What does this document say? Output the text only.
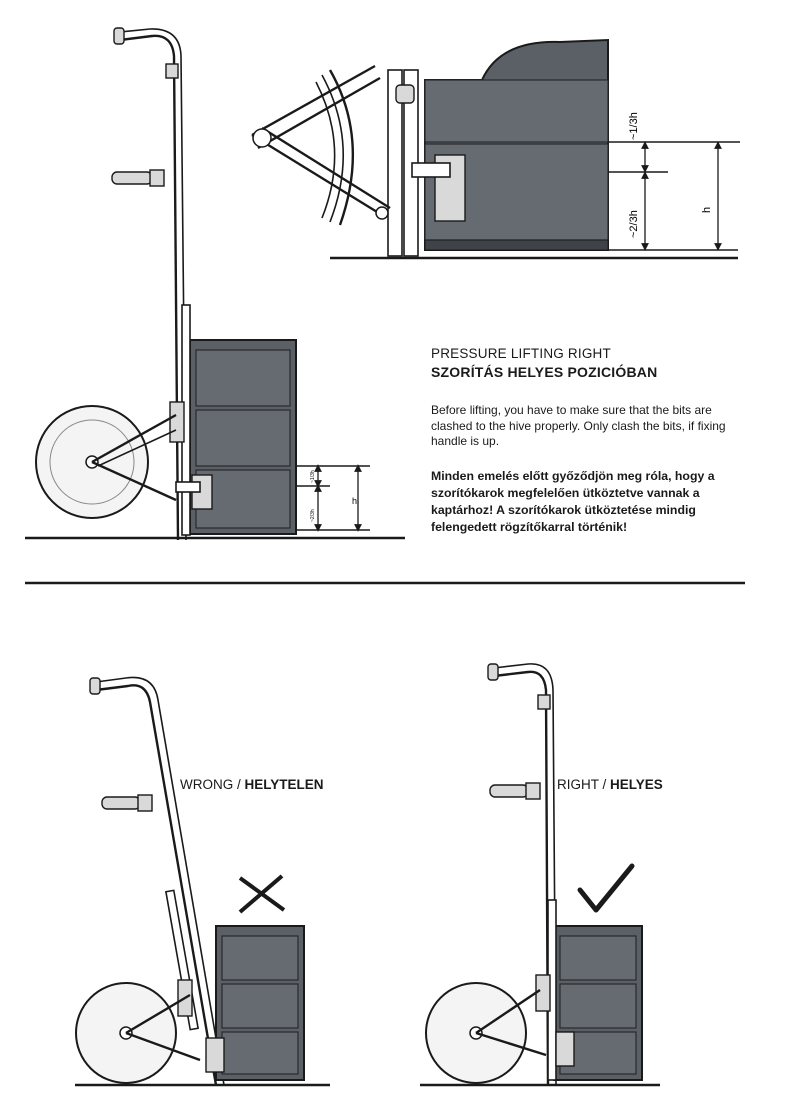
~1/3h
~2/3h
h
~1/3h
~2/3h
h
PRESSURE LIFTING RIGHT
SZORÍTÁS HELYES POZICIÓBAN
Before lifting, you have to make sure that the bits are clashed to the hive properly. Only clash the bits, if fixing handle is up.
Minden emelés előtt győződjön meg róla, hogy a szorítókarok megfelelően ütköztetve vannak a kaptárhoz! A szorítókarok ütköztetése mindig felengedett rögzítőkarral történik!
WRONG / HELYTELEN	RIGHT / HELYES
